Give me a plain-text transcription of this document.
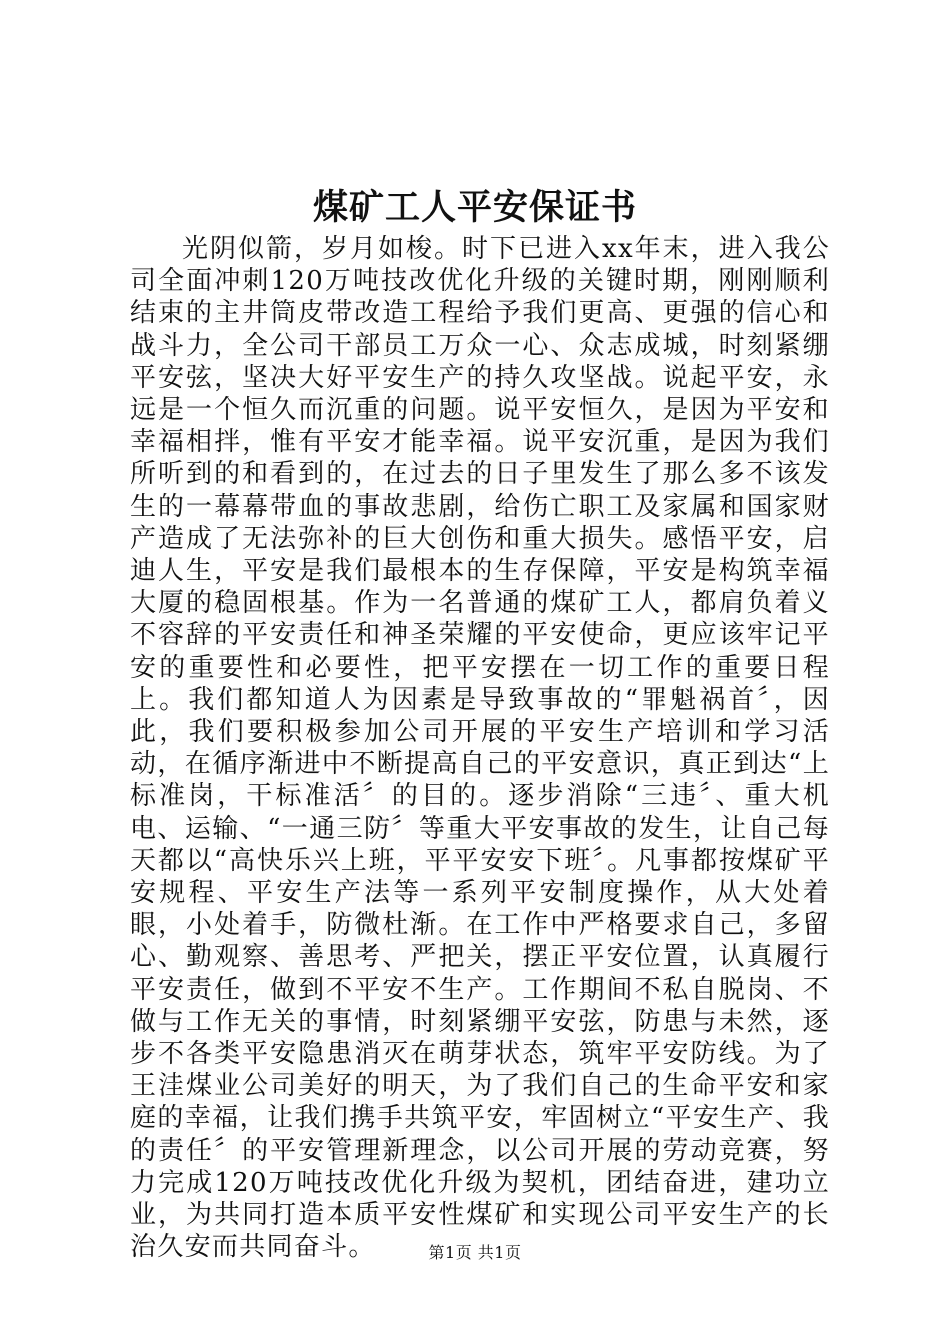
煤矿工人平安保证书

光阴似箭，岁月如梭。时下已进入xx年末，进入我公司全面冲刺120万吨技改优化升级的关键时期，刚刚顺利结束的主井筒皮带改造工程给予我们更高、更强的信心和战斗力，全公司干部员工万众一心、众志成城，时刻紧绷平安弦，坚决大好平安生产的持久攻坚战。说起平安，永远是一个恒久而沉重的问题。说平安恒久，是因为平安和幸福相拌，惟有平安才能幸福。说平安沉重，是因为我们所听到的和看到的，在过去的日子里发生了那么多不该发生的一幕幕带血的事故悲剧，给伤亡职工及家属和国家财产造成了无法弥补的巨大创伤和重大损失。感悟平安，启迪人生，平安是我们最根本的生存保障，平安是构筑幸福大厦的稳固根基。作为一名普通的煤矿工人，都肩负着义不容辞的平安责任和神圣荣耀的平安使命，更应该牢记平安的重要性和必要性，把平安摆在一切工作的重要日程上。我们都知道人为因素是导致事故的“罪魁祸首〞，因此，我们要积极参加公司开展的平安生产培训和学习活动，在循序渐进中不断提高自己的平安意识，真正到达“上标准岗，干标准活〞的目的。逐步消除“三违〞、重大机电、运输、“一通三防〞等重大平安事故的发生，让自己每天都以“高快乐兴上班，平平安安下班〞。凡事都按煤矿平安规程、平安生产法等一系列平安制度操作，从大处着眼，小处着手，防微杜渐。在工作中严格要求自己，多留心、勤观察、善思考、严把关，摆正平安位置，认真履行平安责任，做到不平安不生产。工作期间不私自脱岗、不做与工作无关的事情，时刻紧绷平安弦，防患与未然，逐步不各类平安隐患消灭在萌芽状态，筑牢平安防线。为了王洼煤业公司美好的明天，为了我们自己的生命平安和家庭的幸福，让我们携手共筑平安，牢固树立“平安生产、我的责任〞的平安管理新理念，以公司开展的劳动竞赛，努力完成120万吨技改优化升级为契机，团结奋进，建功立业，为共同打造本质平安性煤矿和实现公司平安生产的长治久安而共同奋斗。	第1页 共1页
